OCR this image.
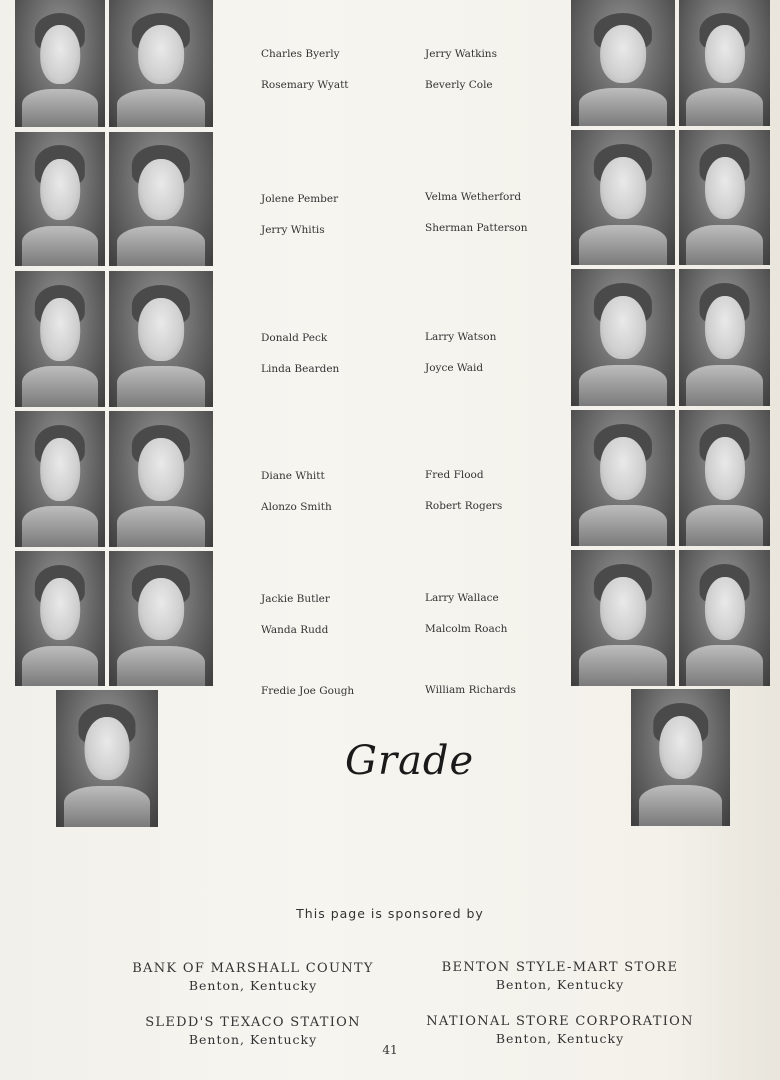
Charles Byerly
Rosemary Wyatt
Jerry Watkins
Beverly Cole
Jolene Pember
Jerry Whitis
Velma Wetherford
Sherman Patterson
Donald Peck
Linda Bearden
Larry Watson
Joyce Waid
Diane Whitt
Alonzo Smith
Fred Flood
Robert Rogers
Jackie Butler
Wanda Rudd
Larry Wallace
Malcolm Roach
Fredie Joe Gough	William Richards
Grade
This page is sponsored by
BANK OF MARSHALL COUNTY
Benton, Kentucky
BENTON STYLE-MART STORE
Benton, Kentucky
SLEDD'S TEXACO STATION
Benton, Kentucky
NATIONAL STORE CORPORATION
Benton, Kentucky
41
